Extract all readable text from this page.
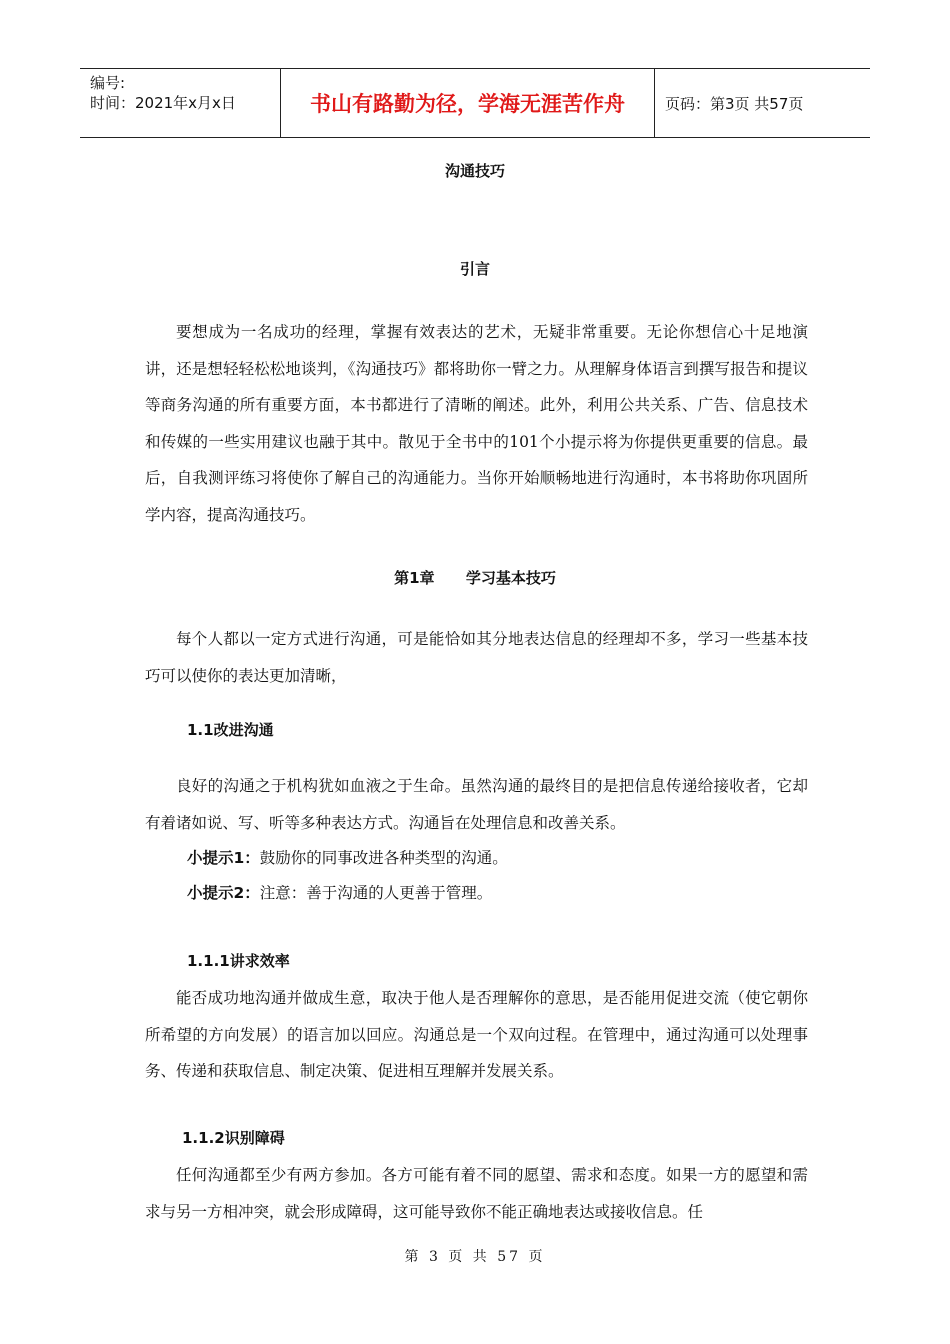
编号:
时间：2021年x月x日	书山有路勤为径，学海无涯苦作舟	页码：第3页 共57页
沟通技巧
引言

要想成为一名成功的经理，掌握有效表达的艺术，无疑非常重要。无论你想信心十足地演讲，还是想轻轻松松地谈判，《沟通技巧》都将助你一臂之力。从理解身体语言到撰写报告和提议等商务沟通的所有重要方面，本书都进行了清晰的阐述。此外，利用公共关系、广告、信息技术和传媒的一些实用建议也融于其中。散见于全书中的101个小提示将为你提供更重要的信息。最后，自我测评练习将使你了解自己的沟通能力。当你开始顺畅地进行沟通时，本书将助你巩固所学内容，提高沟通技巧。

第1章      学习基本技巧

每个人都以一定方式进行沟通，可是能恰如其分地表达信息的经理却不多，学习一些基本技巧可以使你的表达更加清晰，

1.1改进沟通

良好的沟通之于机构犹如血液之于生命。虽然沟通的最终目的是把信息传递给接收者，它却有着诸如说、写、听等多种表达方式。沟通旨在处理信息和改善关系。

小提示1：鼓励你的同事改进各种类型的沟通。
小提示2：注意：善于沟通的人更善于管理。
1.1.1讲求效率

能否成功地沟通并做成生意，取决于他人是否理解你的意思，是否能用促进交流（使它朝你所希望的方向发展）的语言加以回应。沟通总是一个双向过程。在管理中，通过沟通可以处理事务、传递和获取信息、制定决策、促进相互理解并发展关系。

1.1.2识别障碍

任何沟通都至少有两方参加。各方可能有着不同的愿望、需求和态度。如果一方的愿望和需求与另一方相冲突，就会形成障碍，这可能导致你不能正确地表达或接收信息。任

第 3 页 共 57 页
